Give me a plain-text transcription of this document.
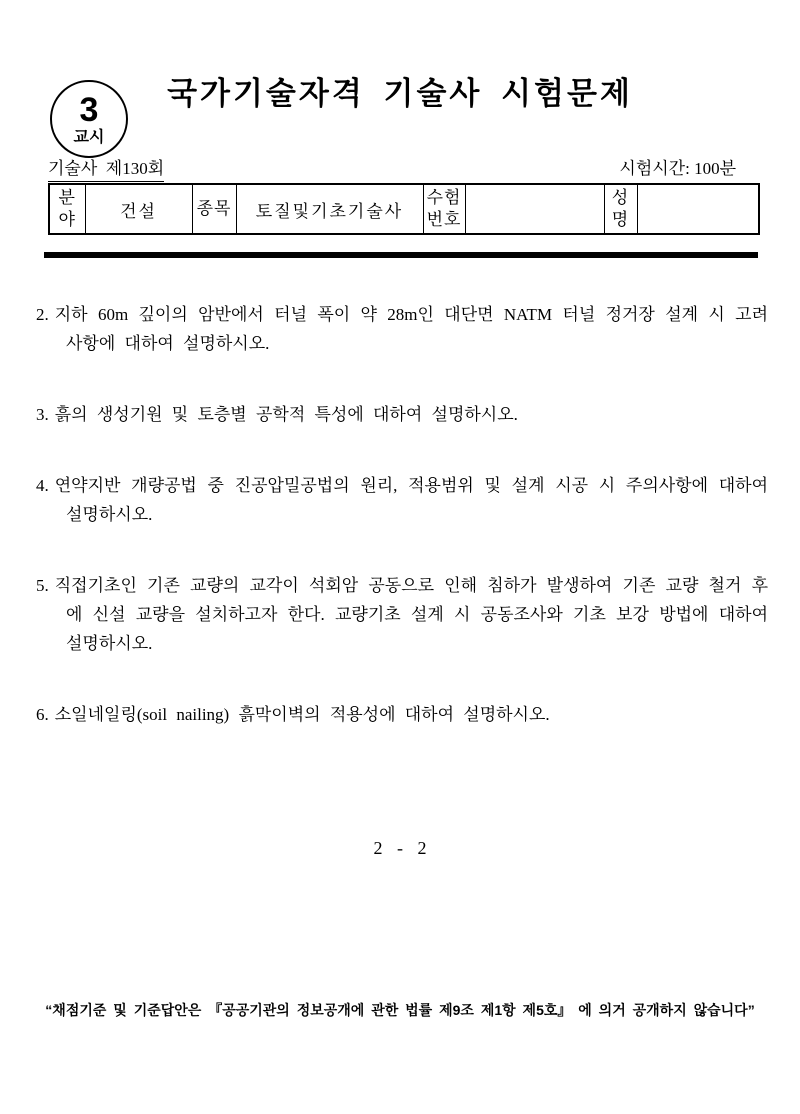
3
교시
국가기술자격 기술사 시험문제
기술사  제130회	시험시간: 100분
분야	건설	종목	토질및기초기술사	수험번호		성명	

2. 지하 60m 깊이의 암반에서 터널 폭이 약 28m인 대단면 NATM 터널 정거장 설계 시 고려사항에 대하여 설명하시오.

3. 흙의 생성기원 및 토층별 공학적 특성에 대하여 설명하시오.

4. 연약지반 개량공법 중 진공압밀공법의 원리, 적용범위 및 설계 시공 시 주의사항에 대하여 설명하시오.

5. 직접기초인 기존 교량의 교각이 석회암 공동으로 인해 침하가 발생하여 기존 교량 철거 후에 신설 교량을 설치하고자 한다. 교량기초 설계 시 공동조사와 기초 보강 방법에 대하여 설명하시오.

6. 소일네일링(soil nailing) 흙막이벽의 적용성에 대하여 설명하시오.

2 - 2
“채점기준 및 기준답안은 『공공기관의 정보공개에 관한 법률 제9조 제1항 제5호』 에 의거 공개하지 않습니다”
